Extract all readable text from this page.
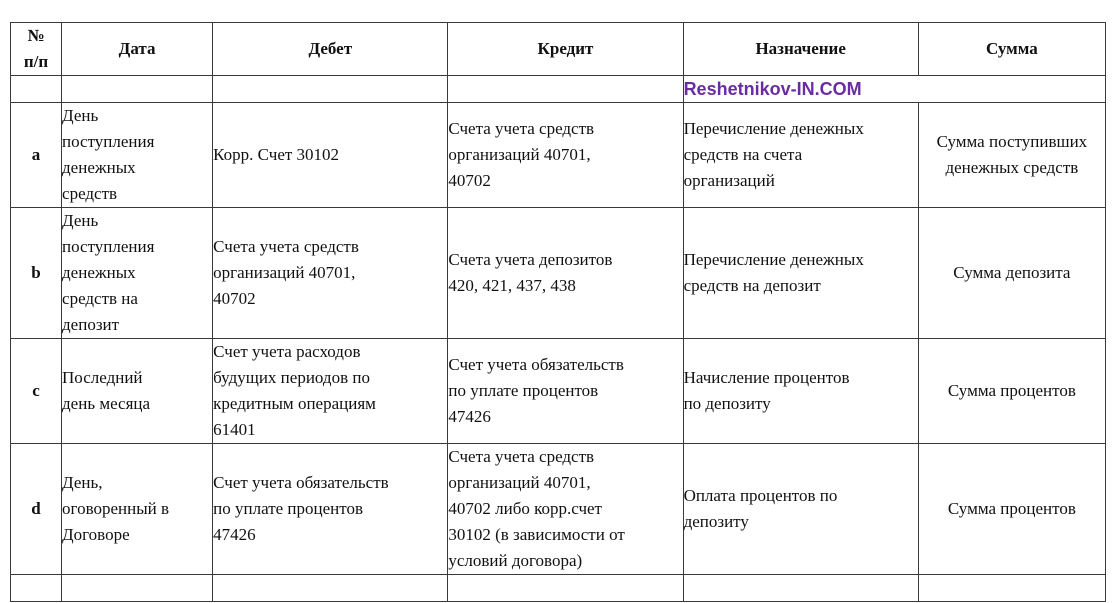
№
п/п	Дата	Дебет	Кредит	Назначение	Сумма
				Reshetnikov-IN.COM	
a	День
поступления
денежных
средств	Корр. Счет 30102	Счета учета средств
организаций 40701,
40702	Перечисление денежных
средств на счета
организаций	Сумма поступивших
денежных средств
b	День
поступления
денежных
средств на
депозит	Счета учета средств
организаций 40701,
40702	Счета учета депозитов
420, 421, 437, 438	Перечисление денежных
средств на депозит	Сумма депозита
c	Последний
день месяца	Счет учета расходов
будущих периодов по
кредитным операциям
61401	Счет учета обязательств
по уплате процентов
47426	Начисление процентов
по депозиту	Сумма процентов
d	День,
оговоренный в
Договоре	Счет учета обязательств
по уплате процентов
47426	Счета учета средств
организаций 40701,
40702 либо корр.счет
30102 (в зависимости от
условий договора)	Оплата процентов по
депозиту	Сумма процентов
